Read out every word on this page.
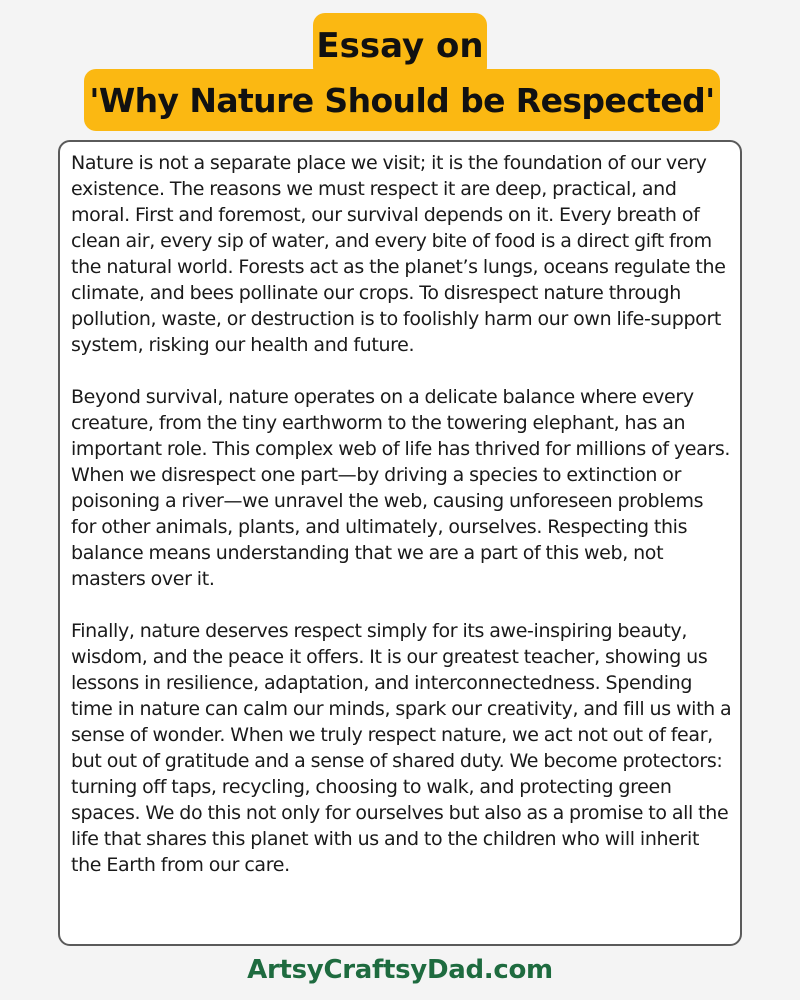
Essay on
'Why Nature Should be Respected'

Nature is not a separate place we visit; it is the foundation of our very existence. The reasons we must respect it are deep, practical, and moral. First and foremost, our survival depends on it. Every breath of clean air, every sip of water, and every bite of food is a direct gift from the natural world. Forests act as the planet’s lungs, oceans regulate the climate, and bees pollinate our crops. To disrespect nature through pollution, waste, or destruction is to foolishly harm our own life-support system, risking our health and future.

Beyond survival, nature operates on a delicate balance where every creature, from the tiny earthworm to the towering elephant, has an important role. This complex web of life has thrived for millions of years. When we disrespect one part—by driving a species to extinction or poisoning a river—we unravel the web, causing unforeseen problems for other animals, plants, and ultimately, ourselves. Respecting this balance means understanding that we are a part of this web, not masters over it.

Finally, nature deserves respect simply for its awe-inspiring beauty, wisdom, and the peace it offers. It is our greatest teacher, showing us lessons in resilience, adaptation, and interconnectedness. Spending time in nature can calm our minds, spark our creativity, and fill us with a sense of wonder. When we truly respect nature, we act not out of fear, but out of gratitude and a sense of shared duty. We become protectors: turning off taps, recycling, choosing to walk, and protecting green spaces. We do this not only for ourselves but also as a promise to all the life that shares this planet with us and to the children who will inherit the Earth from our care.

ArtsyCraftsyDad.com
